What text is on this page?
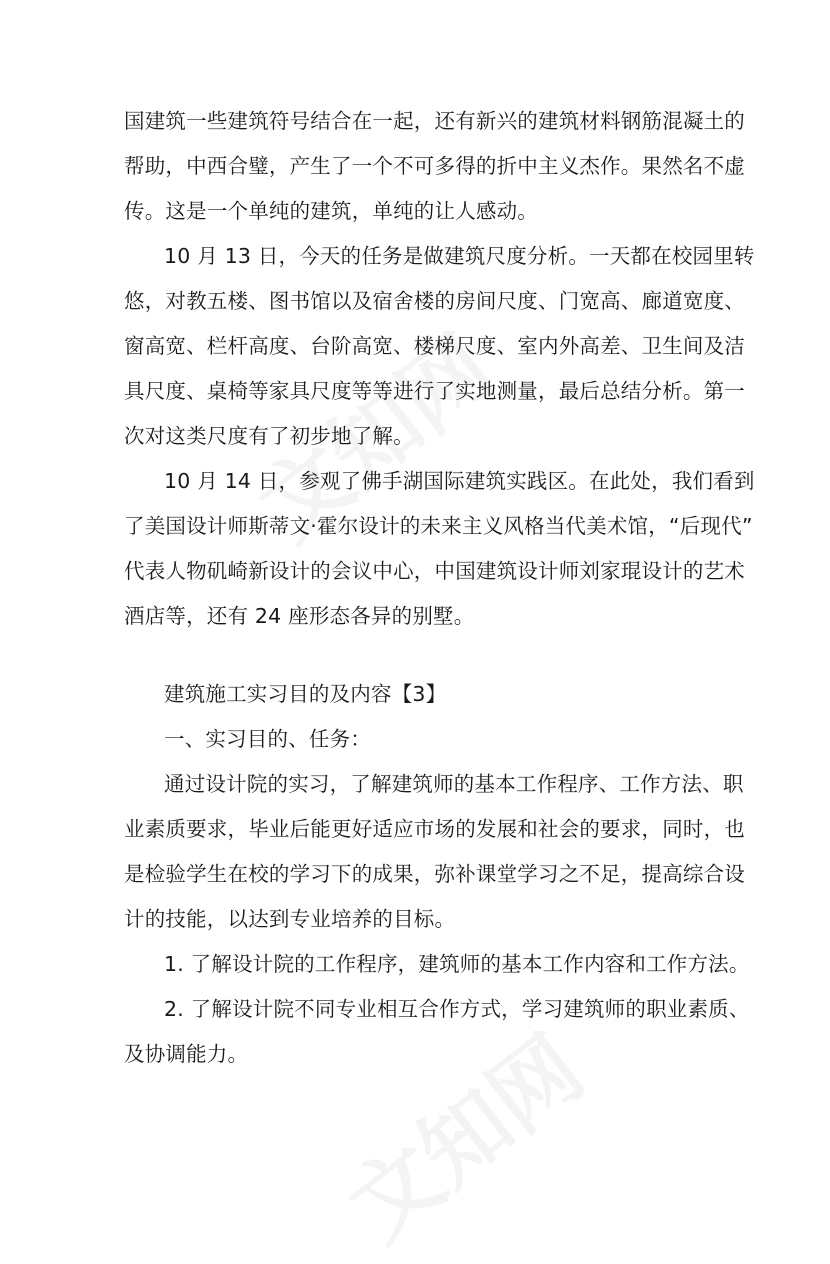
国建筑一些建筑符号结合在一起，还有新兴的建筑材料钢筋混凝土的
帮助，中西合璧，产生了一个不可多得的折中主义杰作。果然名不虚
传。这是一个单纯的建筑，单纯的让人感动。
10 月 13 日，今天的任务是做建筑尺度分析。一天都在校园里转
悠，对教五楼、图书馆以及宿舍楼的房间尺度、门宽高、廊道宽度、
窗高宽、栏杆高度、台阶高宽、楼梯尺度、室内外高差、卫生间及洁
具尺度、桌椅等家具尺度等等进行了实地测量，最后总结分析。第一
次对这类尺度有了初步地了解。
10 月 14 日，参观了佛手湖国际建筑实践区。在此处，我们看到
了美国设计师斯蒂文·霍尔设计的未来主义风格当代美术馆，“后现代”
代表人物矶崎新设计的会议中心，中国建筑设计师刘家琨设计的艺术
酒店等，还有 24 座形态各异的别墅。
建筑施工实习目的及内容【3】
一、实习目的、任务：
通过设计院的实习，了解建筑师的基本工作程序、工作方法、职
业素质要求，毕业后能更好适应市场的发展和社会的要求，同时，也
是检验学生在校的学习下的成果，弥补课堂学习之不足，提高综合设
计的技能，以达到专业培养的目标。
1. 了解设计院的工作程序，建筑师的基本工作内容和工作方法。
2. 了解设计院不同专业相互合作方式，学习建筑师的职业素质、
及协调能力。
